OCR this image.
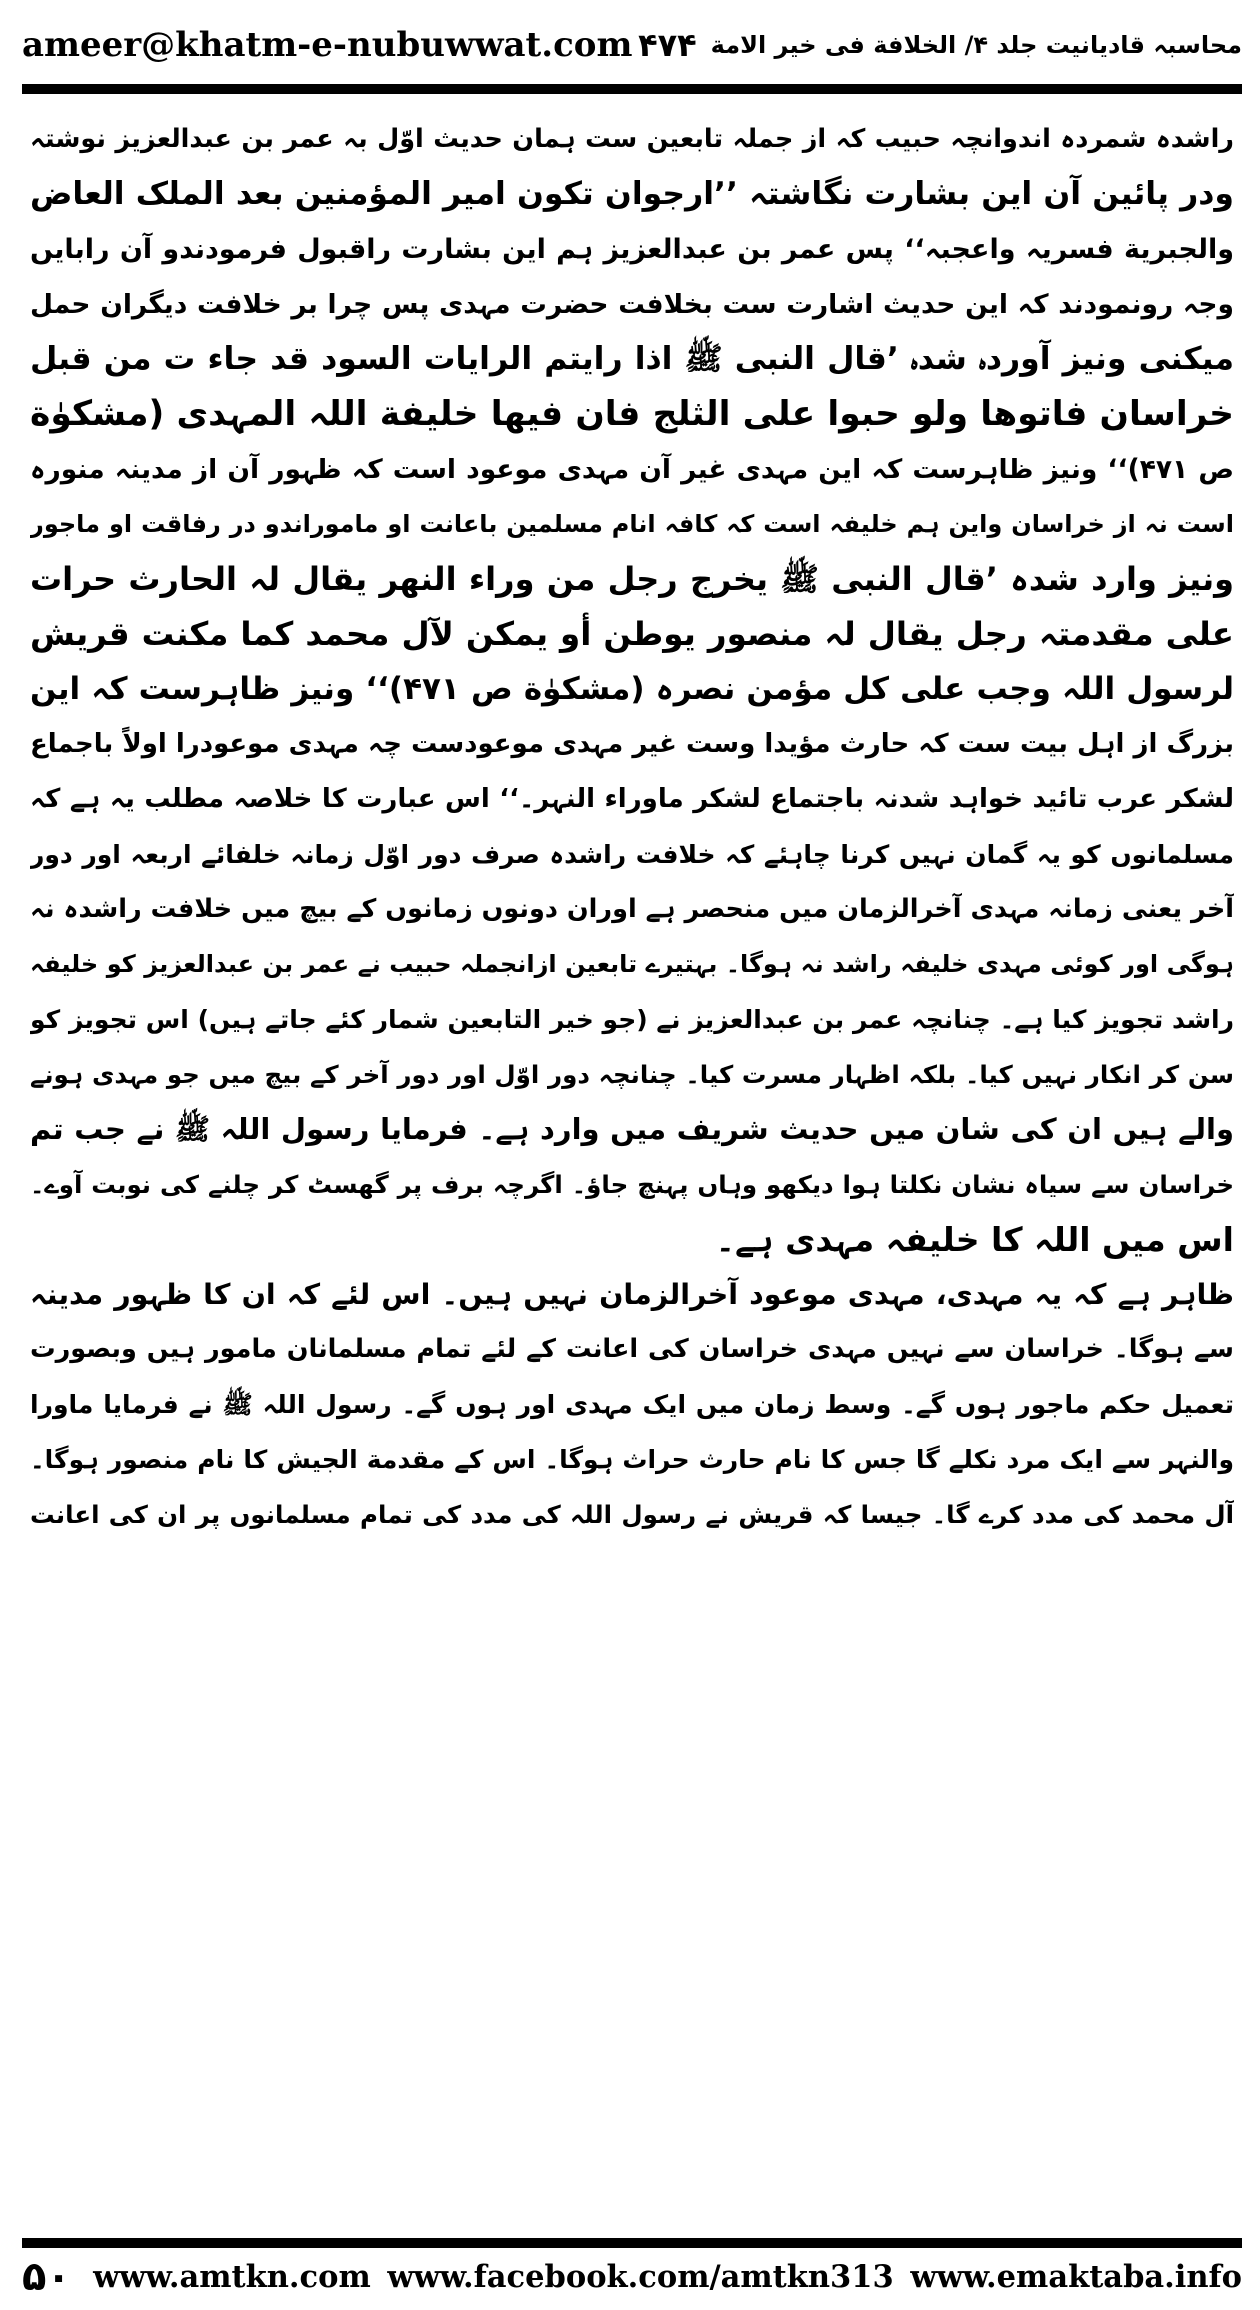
ameer@khatm-e-nubuwwat.com	محاسبہ قادیانیت جلد ۴/ الخلافة فی خیر الامة
۴۷۴
راشدہ شمردہ اندوانچہ حبیب کہ از جملہ تابعین ست ہمان حدیث اوّل بہ عمر بن عبدالعزیز نوشتہ
ودر پائین آن این بشارت نگاشتہ ’’ارجوان تکون امیر المؤمنین بعد الملک العاض
والجبریة فسریہ واعجبہ‘‘ پس عمر بن عبدالعزیز ہم این بشارت راقبول فرمودندو آن رابایں
وجہ رونمودند کہ این حدیث اشارت ست بخلافت حضرت مہدی پس چرا بر خلافت دیگران حمل
میکنی ونیز آوردہ شدہ ’قال النبی ﷺ اذا رایتم الرایات السود قد جاء ت من قبل
خراسان فاتوھا ولو حبوا علی الثلج فان فیھا خلیفة اللہ المہدی (مشکوٰة
ص ۴۷۱)‘‘ ونیز ظاہرست کہ این مہدی غیر آن مہدی موعود است کہ ظہور آن از مدینہ منورہ
است نہ از خراسان واین ہم خلیفہ است کہ کافہ انام مسلمین باعانت او ماموراندو در رفاقت او ماجور
ونیز وارد شدہ ’قال النبی ﷺ یخرج رجل من وراء النھر یقال لہ الحارث حرات
علی مقدمتہ رجل یقال لہ منصور یوطن أو یمکن لآل محمد کما مکنت قریش
لرسول اللہ وجب علی کل مؤمن نصرہ (مشکوٰة ص ۴۷۱)‘‘ ونیز ظاہرست کہ این
بزرگ از اہل بیت ست کہ حارث مؤیدا وست غیر مہدی موعودست چہ مہدی موعودرا اولاً باجماع
لشکر عرب تائید خواہد شدنہ باجتماع لشکر ماوراء النہر۔‘‘ اس عبارت کا خلاصہ مطلب یہ ہے کہ
مسلمانوں کو یہ گمان نہیں کرنا چاہئے کہ خلافت راشدہ صرف دور اوّل زمانہ خلفائے اربعہ اور دور
آخر یعنی زمانہ مہدی آخرالزمان میں منحصر ہے اوران دونوں زمانوں کے بیچ میں خلافت راشدہ نہ
ہوگی اور کوئی مہدی خلیفہ راشد نہ ہوگا۔ بہتیرے تابعین ازانجملہ حبیب نے عمر بن عبدالعزیز کو خلیفہ
راشد تجویز کیا ہے۔ چنانچہ عمر بن عبدالعزیز نے (جو خیر التابعین شمار کئے جاتے ہیں) اس تجویز کو
سن کر انکار نہیں کیا۔ بلکہ اظہار مسرت کیا۔ چنانچہ دور اوّل اور دور آخر کے بیچ میں جو مہدی ہونے
والے ہیں ان کی شان میں حدیث شریف میں وارد ہے۔ فرمایا رسول اللہ ﷺ نے جب تم
خراسان سے سیاہ نشان نکلتا ہوا دیکھو وہاں پہنچ جاؤ۔ اگرچہ برف پر گھسٹ کر چلنے کی نوبت آوے۔
اس میں اللہ کا خلیفہ مہدی ہے۔
ظاہر ہے کہ یہ مہدی، مہدی موعود آخرالزمان نہیں ہیں۔ اس لئے کہ ان کا ظہور مدینہ
سے ہوگا۔ خراسان سے نہیں مہدی خراسان کی اعانت کے لئے تمام مسلمانان مامور ہیں وبصورت
تعمیل حکم ماجور ہوں گے۔ وسط زمان میں ایک مہدی اور ہوں گے۔ رسول اللہ ﷺ نے فرمایا ماورا
والنہر سے ایک مرد نکلے گا جس کا نام حارث حراث ہوگا۔ اس کے مقدمة الجیش کا نام منصور ہوگا۔
آل محمد کی مدد کرے گا۔ جیسا کہ قریش نے رسول اللہ کی مدد کی تمام مسلمانوں پر ان کی اعانت
۵۰ www.amtkn.com www.facebook.com/amtkn313 www.emaktaba.info
